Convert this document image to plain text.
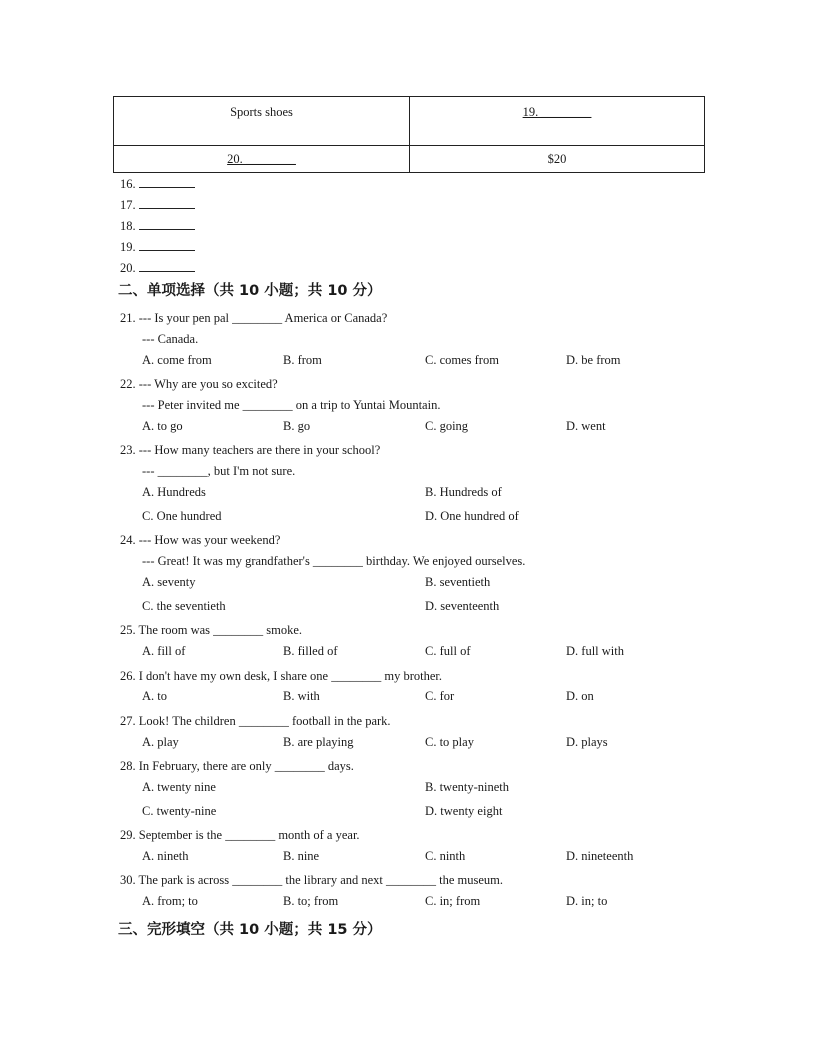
Sports shoes	19. ________
20. ________	$20
16.
17.
18.
19.
20.
二、单项选择（共 10 小题；共 10 分）
21. --- Is your pen pal ________ America or Canada?
--- Canada.
A. come from	B. from	C. comes from	D. be from
22. --- Why are you so excited?
--- Peter invited me ________ on a trip to Yuntai Mountain.
A. to go	B. go	C. going	D. went
23. --- How many teachers are there in your school?
--- ________, but I'm not sure.
A. Hundreds	B. Hundreds of
C. One hundred	D. One hundred of
24. --- How was your weekend?
--- Great! It was my grandfather's ________ birthday. We enjoyed ourselves.
A. seventy	B. seventieth
C. the seventieth	D. seventeenth
25. The room was ________ smoke.
A. fill of	B. filled of	C. full of	D. full with
26. I don't have my own desk, I share one ________ my brother.
A. to	B. with	C. for	D. on
27. Look! The children ________ football in the park.
A. play	B. are playing	C. to play	D. plays
28. In February, there are only ________ days.
A. twenty nine	B. twenty-nineth
C. twenty-nine	D. twenty eight
29. September is the ________ month of a year.
A. nineth	B. nine	C. ninth	D. nineteenth
30. The park is across ________ the library and next ________ the museum.
A. from; to	B. to; from	C. in; from	D. in; to
三、完形填空（共 10 小题；共 15 分）
